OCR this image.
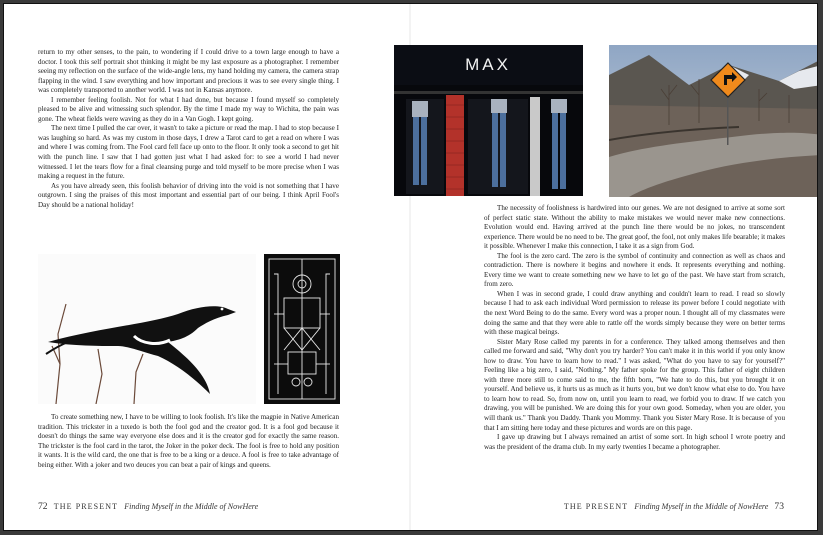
return to my other senses, to the pain, to wondering if I could drive to a town large enough to have a doctor. I took this self portrait shot thinking it might be my last exposure as a photographer. I remember seeing my reflection on the surface of the wide-angle lens, my hand holding my camera, the camera strap flapping in the wind. I saw everything and how important and precious it was to see every single thing. I was completely transported to another world. I was not in Kansas anymore.

I remember feeling foolish. Not for what I had done, but because I found myself so completely pleased to be alive and witnessing such splendor. By the time I made my way to Wichita, the pain was gone. The wheat fields were waving as they do in a Van Gogh. I kept going.

The next time I pulled the car over, it wasn't to take a picture or read the map. I had to stop because I was laughing so hard. As was my custom in those days, I drew a Tarot card to get a read on where I was and where I was coming from. The Fool card fell face up onto to the floor. It only took a second to get hit with the punch line. I saw that I had gotten just what I had asked for: to see a world I had never witnessed. I let the tears flow for a final cleansing purge and told myself to be more precise when I was making a request in the future.

As you have already seen, this foolish behavior of driving into the void is not something that I have outgrown. I sing the praises of this most important and essential part of our being. I think April Fool's Day should be a national holiday!

To create something new, I have to be willing to look foolish. It's like the magpie in Native American tradition. This trickster in a tuxedo is both the fool god and the creator god. It is a fool god because it doesn't do things the same way everyone else does and it is the creator god for exactly the same reason. The trickster is the fool card in the tarot, the Joker in the poker deck. The fool is free to hold any position it wants. It is the wild card, the one that is free to be a king or a deuce. A fool is free to take advantage of being either. With a joker and two deuces you can beat a pair of kings and queens.

72 THE PRESENT Finding Myself in the Middle of NowHere
MAX

The necessity of foolishness is hardwired into our genes. We are not designed to arrive at some sort of perfect static state. Without the ability to make mistakes we would never make new connections. Evolution would end. Having arrived at the punch line there would be no jokes, no transcendent experience. There would be no need to be. The great goof, the fool, not only makes life bearable; it makes it possible. Whenever I make this connection, I take it as a sign from God.

The fool is the zero card. The zero is the symbol of continuity and connection as well as chaos and contradiction. There is nowhere it begins and nowhere it ends. It represents everything and nothing. Every time we want to create something new we have to let go of the past. We have start from scratch, from zero.

When I was in second grade, I could draw anything and couldn't learn to read. I read so slowly because I had to ask each individual Word permission to release its power before I could negotiate with the next Word Being to do the same. Every word was a proper noun. I thought all of my classmates were doing the same and that they were able to rattle off the words simply because they were on better terms with these magical beings.

Sister Mary Rose called my parents in for a conference. They talked among themselves and then called me forward and said, "Why don't you try harder? You can't make it in this world if you only know how to draw. You have to learn how to read." I was asked, "What do you have to say for yourself?" Feeling like a big zero, I said, "Nothing." My father spoke for the group. This father of eight children with three more still to come said to me, the fifth born, "We hate to do this, but you brought it on yourself. And believe us, it hurts us as much as it hurts you, but we don't know what else to do. You have to learn how to read. So, from now on, until you learn to read, we forbid you to draw. If we catch you drawing, you will be punished. We are doing this for your own good. Someday, when you are older, you will thank us." Thank you Daddy. Thank you Mommy. Thank you Sister Mary Rose. It is because of you that I am sitting here today and these pictures and words are on this page.

I gave up drawing but I always remained an artist of some sort. In high school I wrote poetry and was the president of the drama club. In my early twenties I became a photographer.

THE PRESENT Finding Myself in the Middle of NowHere 73
